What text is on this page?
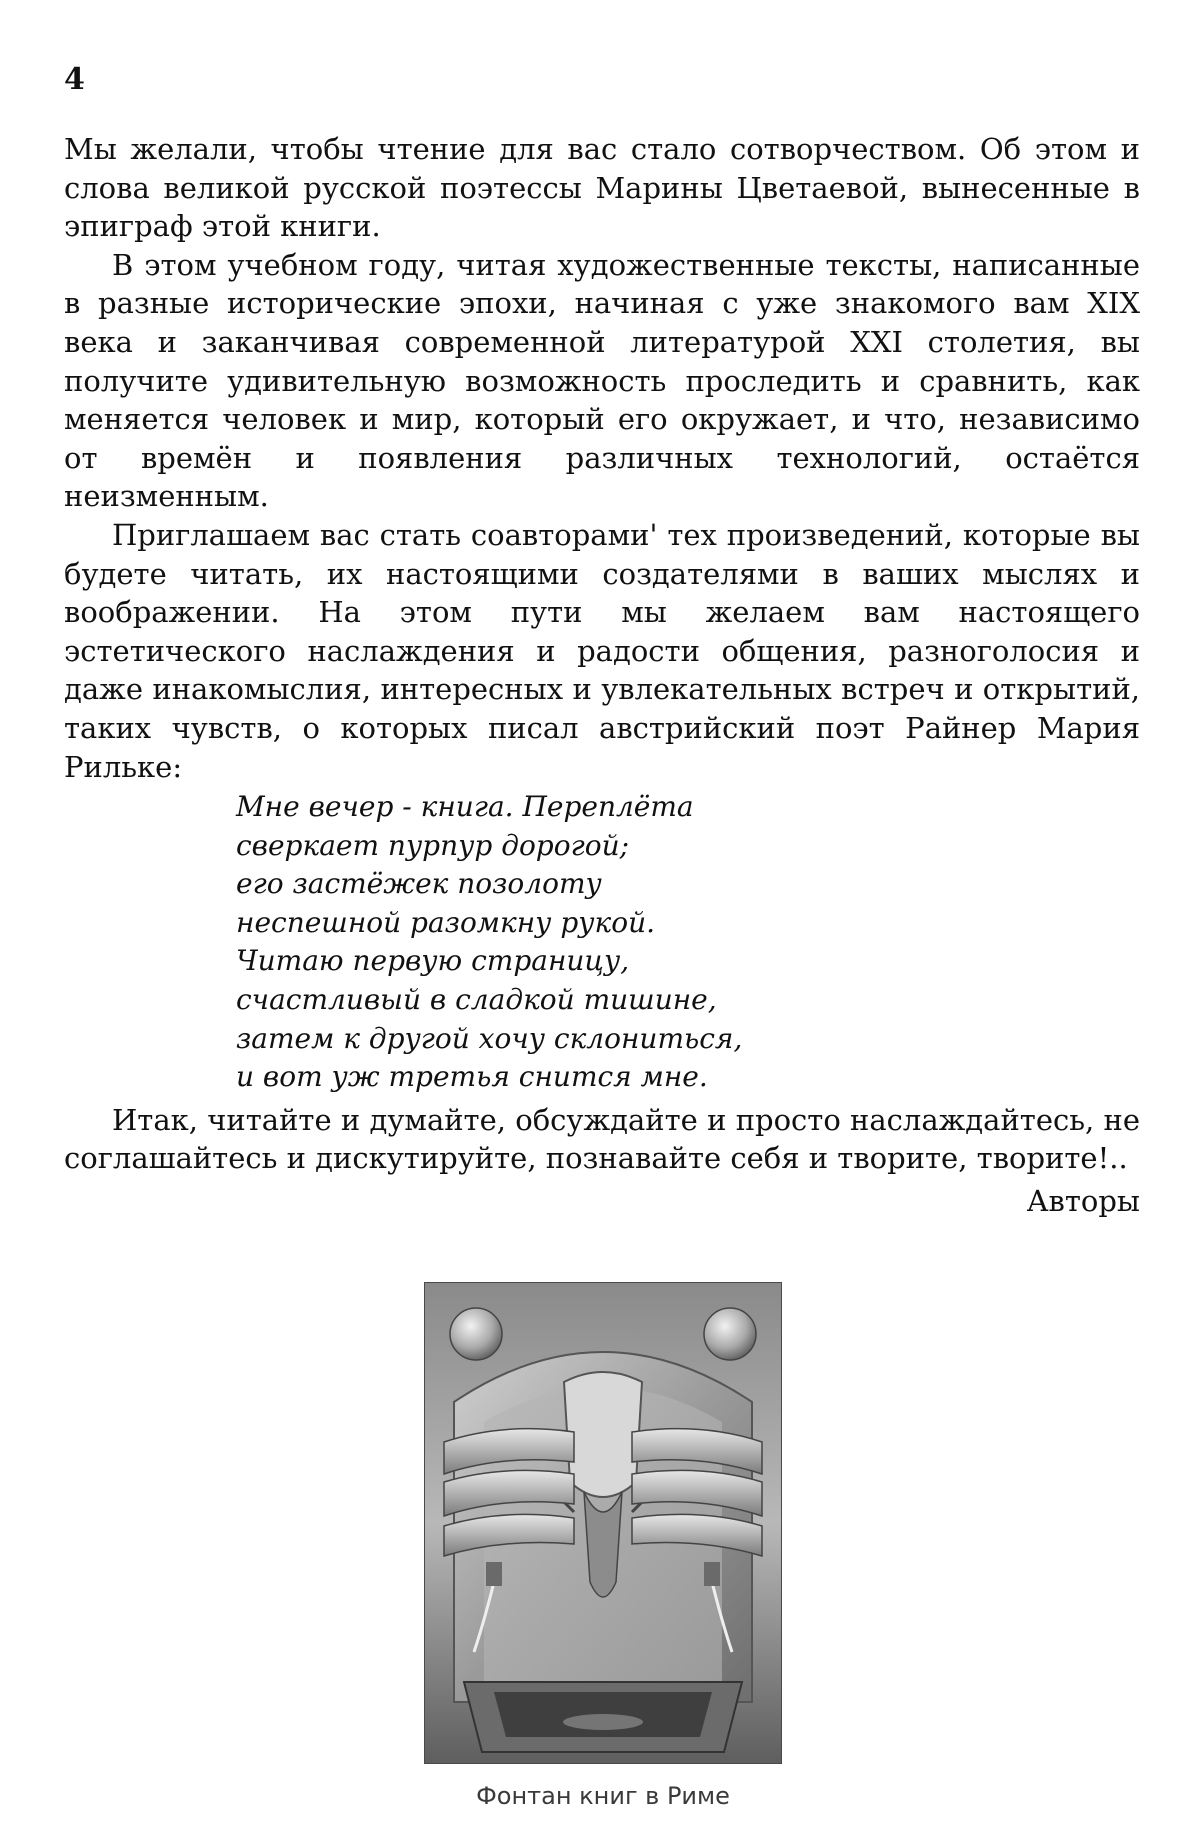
4

Мы желали, чтобы чтение для вас стало сотворчеством. Об этом и слова великой русской поэтессы Марины Цветаевой, вынесенные в эпиграф этой книги.

В этом учебном году, читая художественные тексты, написанные в разные исторические эпохи, начиная с уже знакомого вам XIX века и заканчивая современной литературой XXI столетия, вы получите удивительную возможность проследить и сравнить, как меняется человек и мир, который его окружает, и что, независимо от времён и появления различных технологий, остаётся неизменным.

Приглашаем вас стать соавторами' тех произведений, которые вы будете читать, их настоящими создателями в ваших мыслях и воображении. На этом пути мы желаем вам настоящего эстетического наслаждения и радости общения, разноголосия и даже инакомыслия, интересных и увлекательных встреч и открытий, таких чувств, о которых писал австрийский поэт Райнер Мария Рильке:

Мне вечер - книга. Переплёта
сверкает пурпур дорогой;
его застёжек позолоту
неспешной разомкну рукой.
Читаю первую страницу,
счастливый в сладкой тишине,
затем к другой хочу склониться,
и вот уж третья снится мне.

Итак, читайте и думайте, обсуждайте и просто наслаждайтесь, не соглашайтесь и дискутируйте, познавайте себя и творите, творите!..

Авторы

Фонтан книг в Риме
